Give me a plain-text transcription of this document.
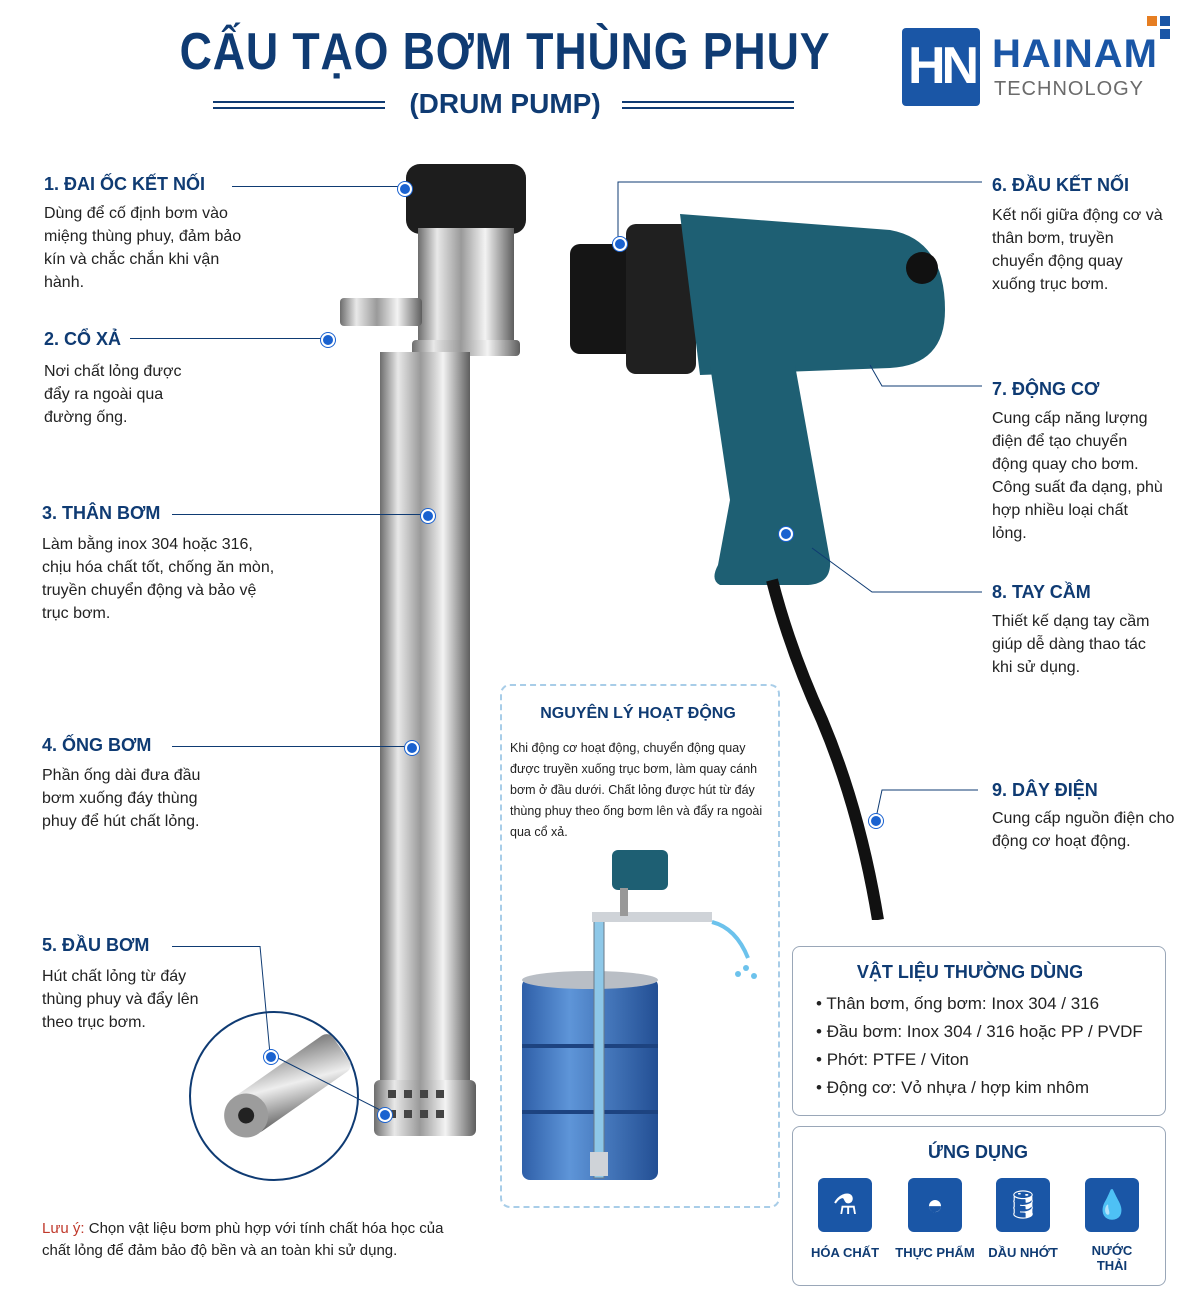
CẤU TẠO BƠM THÙNG PHUY
(DRUM PUMP)
HN HAINAM
TECHNOLOGY
1. ĐAI ỐC KẾT NỐI
Dùng để cố định bơm vào miệng thùng phuy, đảm bảo kín và chắc chắn khi vận hành.
2. CỔ XẢ
Nơi chất lỏng được đẩy ra ngoài qua đường ống.
3. THÂN BƠM
Làm bằng inox 304 hoặc 316, chịu hóa chất tốt, chống ăn mòn, truyền chuyển động và bảo vệ trục bơm.
4. ỐNG BƠM
Phần ống dài đưa đầu bơm xuống đáy thùng phuy để hút chất lỏng.
5. ĐẦU BƠM
Hút chất lỏng từ đáy thùng phuy và đẩy lên theo trục bơm.
6. ĐẦU KẾT NỐI
Kết nối giữa động cơ và thân bơm, truyền chuyển động quay xuống trục bơm.
7. ĐỘNG CƠ
Cung cấp năng lượng điện để tạo chuyển động quay cho bơm. Công suất đa dạng, phù hợp nhiều loại chất lỏng.
8. TAY CẦM
Thiết kế dạng tay cầm giúp dễ dàng thao tác khi sử dụng.
9. DÂY ĐIỆN
Cung cấp nguồn điện cho động cơ hoạt động.
NGUYÊN LÝ HOẠT ĐỘNG
Khi động cơ hoạt động, chuyển động quay được truyền xuống trục bơm, làm quay cánh bơm ở đầu dưới. Chất lỏng được hút từ đáy thùng phuy theo ống bơm lên và đẩy ra ngoài qua cổ xả.
VẬT LIỆU THƯỜNG DÙNG
• Thân bơm, ống bơm: Inox 304 / 316
• Đầu bơm: Inox 304 / 316 hoặc PP / PVDF
• Phớt: PTFE / Viton
• Động cơ: Vỏ nhựa / hợp kim nhôm
ỨNG DỤNG
⚗
HÓA CHẤT
◓
THỰC PHẨM
🛢
DẦU NHỚT
💧
NƯỚC THẢI
Lưu ý: Chọn vật liệu bơm phù hợp với tính chất hóa học của chất lỏng để đảm bảo độ bền và an toàn khi sử dụng.
